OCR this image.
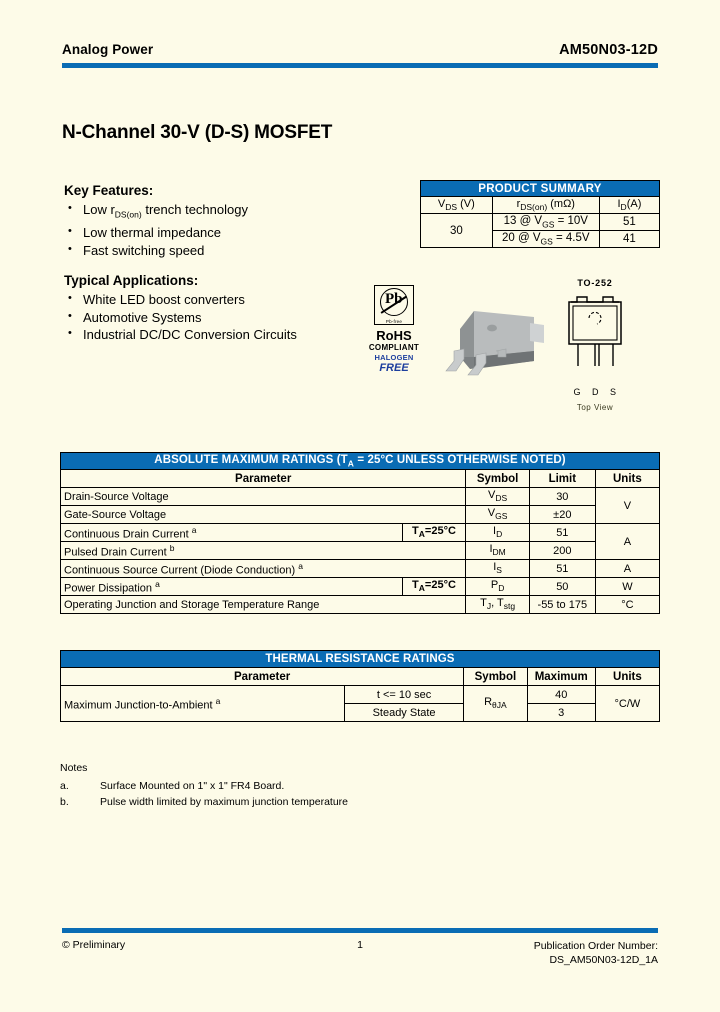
Analog Power	AM50N03-12D
N-Channel 30-V (D-S) MOSFET
Key Features:
• Low $r_{DS(on)}$ trench technology
• Low thermal impedance
• Fast switching speed
Typical Applications:
• White LED boost converters
• Automotive Systems
• Industrial DC/DC Conversion Circuits
PRODUCT SUMMARY		
$V_{DS}$ (V)	$r_{DS(on)}$ (mΩ)	$I_D(A)$
30	13 @ $V_{GS} = 10V$	51
	20 @ $V_{GS} = 4.5V$	41
Pb
Pb-free
RoHS
COMPLIANT
HALOGEN
FREE
TO-252
G D S
Top View
ABSOLUTE MAXIMUM RATINGS ($T_A = 25^\circ C$ UNLESS OTHERWISE NOTED)				
Parameter		Symbol	Limit	Units
Drain-Source Voltage		$V_{DS}$	30	V
Gate-Source Voltage		$V_{GS}$	±20	
Continuous Drain Current $^a$	$T_A=25^\circ C$	$I_D$	51	A
Pulsed Drain Current $^b$		$I_{DM}$	200	
Continuous Source Current (Diode Conduction) $^a$		$I_S$	51	A
Power Dissipation $^a$	$T_A=25^\circ C$	$P_D$	50	W
Operating Junction and Storage Temperature Range		$T_J$, $T_{stg}$	-55 to 175	°C
THERMAL RESISTANCE RATINGS				
Parameter		Symbol	Maximum	Units
Maximum Junction-to-Ambient $^a$	t <= 10 sec	$R_{\theta JA}$	40	°C/W
	Steady State		3	
Notes
a.	Surface Mounted on 1" x 1" FR4 Board.
b.	Pulse width limited by maximum junction temperature
© Preliminary	1	Publication Order Number:
DS_AM50N03-12D_1A
